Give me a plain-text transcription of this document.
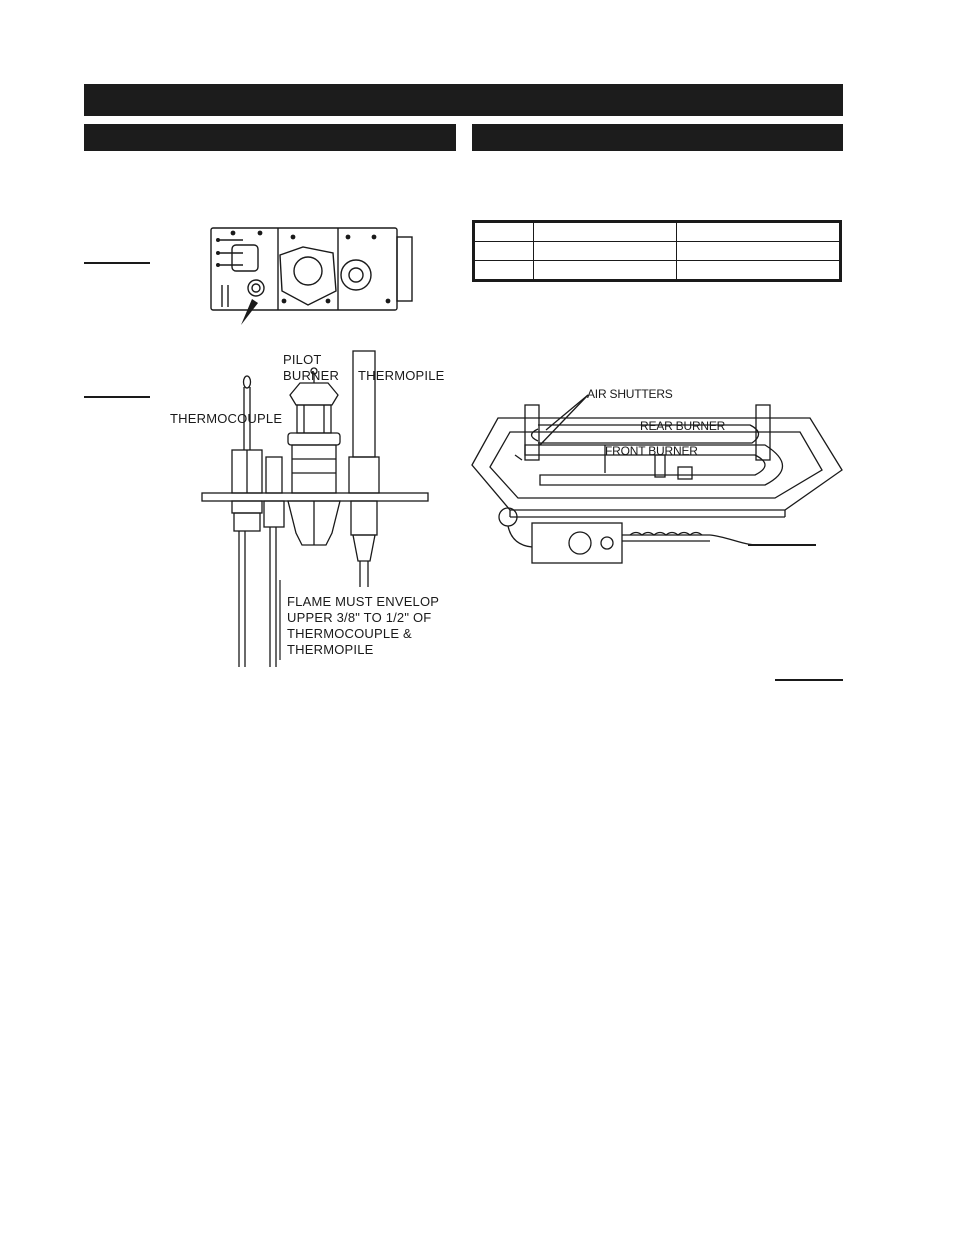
PILOT
BURNER THERMOPILE
THERMOCOUPLE
FLAME MUST ENVELOP
UPPER 3/8" TO 1/2" OF
THERMOCOUPLE &
THERMOPILE

AIR SHUTTERS
REAR BURNER
FRONT BURNER
